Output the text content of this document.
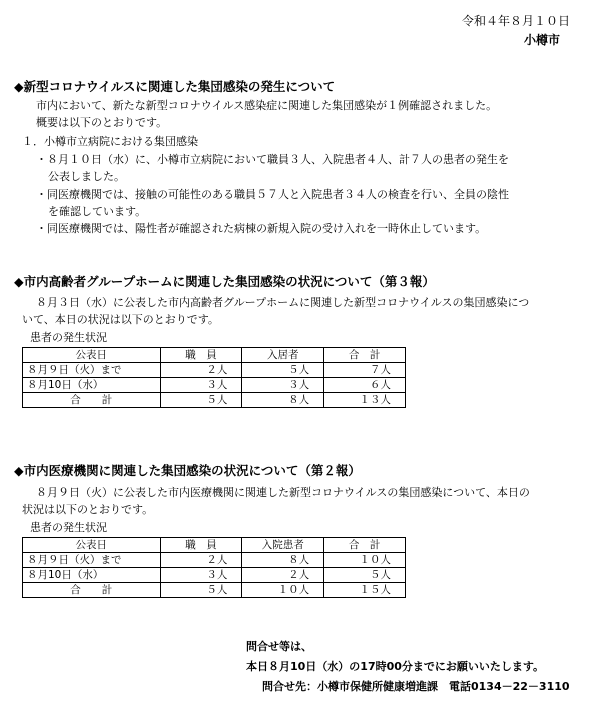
令和４年８月１０日
小樽市
◆新型コロナウイルスに関連した集団感染の発生について
市内において、新たな新型コロナウイルス感染症に関連した集団感染が１例確認されました。
概要は以下のとおりです。
１．小樽市立病院における集団感染
・８月１０日（水）に、小樽市立病院において職員３人、入院患者４人、計７人の患者の発生を
公表しました。
・同医療機関では、接触の可能性のある職員５７人と入院患者３４人の検査を行い、全員の陰性
を確認しています。
・同医療機関では、陽性者が確認された病棟の新規入院の受け入れを一時休止しています。
◆市内高齢者グループホームに関連した集団感染の状況について（第３報）
８月３日（水）に公表した市内高齢者グループホームに関連した新型コロナウイルスの集団感染につ
いて、本日の状況は以下のとおりです。
患者の発生状況
公表日	職　員	入居者	合　計
８月９日（火）まで	２人	５人	７人
８月10日（水）	３人	３人	６人
合　　計	５人	８人	１３人
◆市内医療機関に関連した集団感染の状況について（第２報）
８月９日（火）に公表した市内医療機関に関連した新型コロナウイルスの集団感染について、本日の
状況は以下のとおりです。
患者の発生状況
公表日	職　員	入院患者	合　計
８月９日（火）まで	２人	８人	１０人
８月10日（水）	３人	２人	５人
合　　計	５人	１０人	１５人
問合せ等は、
本日８月10日（水）の17時00分までにお願いいたします。
問合せ先：小樽市保健所健康増進課　電話0134－22－3110
